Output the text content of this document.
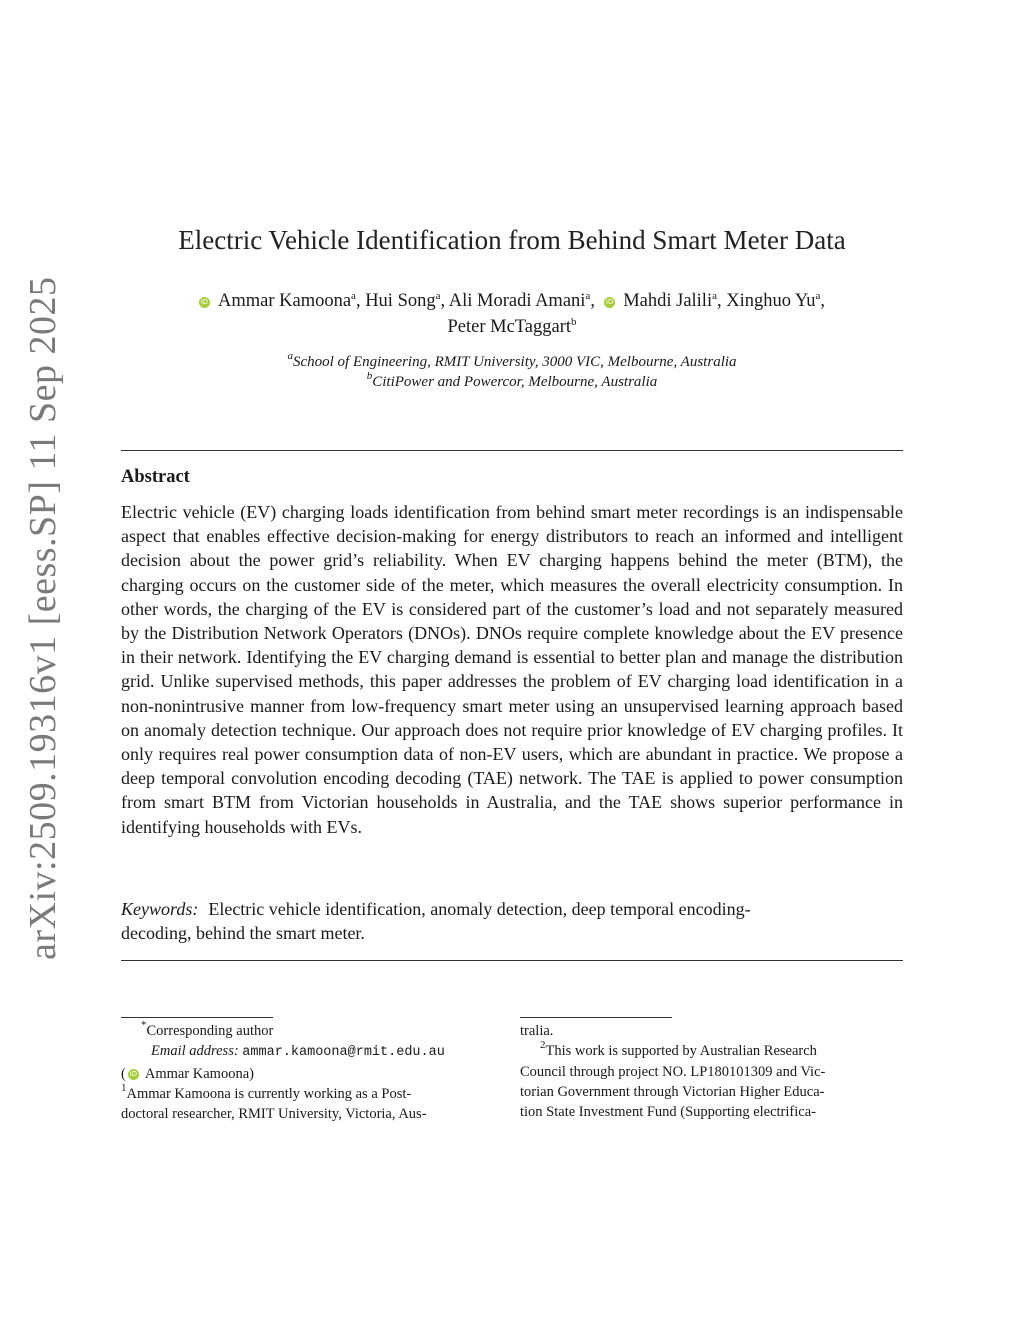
arXiv:2509.19316v1 [eess.SP] 11 Sep 2025
Electric Vehicle Identification from Behind Smart Meter Data
iD Ammar Kamoona$^a$, Hui Song$^a$, Ali Moradi Amani$^a$,  iD Mahdi Jalili$^a$, Xinghuo Yu$^a$,
Peter McTaggart$^b$
$^a$School of Engineering, RMIT University, 3000 VIC, Melbourne, Australia
$^b$CitiPower and Powercor, Melbourne, Australia
Abstract
Electric vehicle (EV) charging loads identification from behind smart meter recordings is an indispensable aspect that enables effective decision-making for energy distributors to reach an informed and intelligent decision about the power grid’s reliability. When EV charging happens behind the meter (BTM), the charging occurs on the customer side of the meter, which measures the overall electricity consumption. In other words, the charging of the EV is considered part of the customer’s load and not separately measured by the Distribution Network Operators (DNOs). DNOs require complete knowledge about the EV presence in their network. Identifying the EV charging demand is essential to better plan and manage the distribution grid. Unlike supervised methods, this paper addresses the problem of EV charging load identification in a non-nonintrusive manner from low-frequency smart meter using an unsupervised learning approach based on anomaly detection technique. Our approach does not require prior knowledge of EV charging profiles. It only requires real power consumption data of non-EV users, which are abundant in practice. We propose a deep temporal convolution encoding decoding (TAE) network. The TAE is applied to power consumption from smart BTM from Victorian households in Australia, and the TAE shows superior performance in identifying households with EVs.
Keywords: Electric vehicle identification, anomaly detection, deep temporal encoding-decoding, behind the smart meter.
*Corresponding author
Email address: ammar.kamoona@rmit.edu.au
( iD Ammar Kamoona)
$^1$Ammar Kamoona is currently working as a Post-
doctoral researcher, RMIT University, Victoria, Aus-
tralia.
$^2$This work is supported by Australian Research
Council through project NO. LP180101309 and Vic-
torian Government through Victorian Higher Educa-
tion State Investment Fund (Supporting electrifica-
